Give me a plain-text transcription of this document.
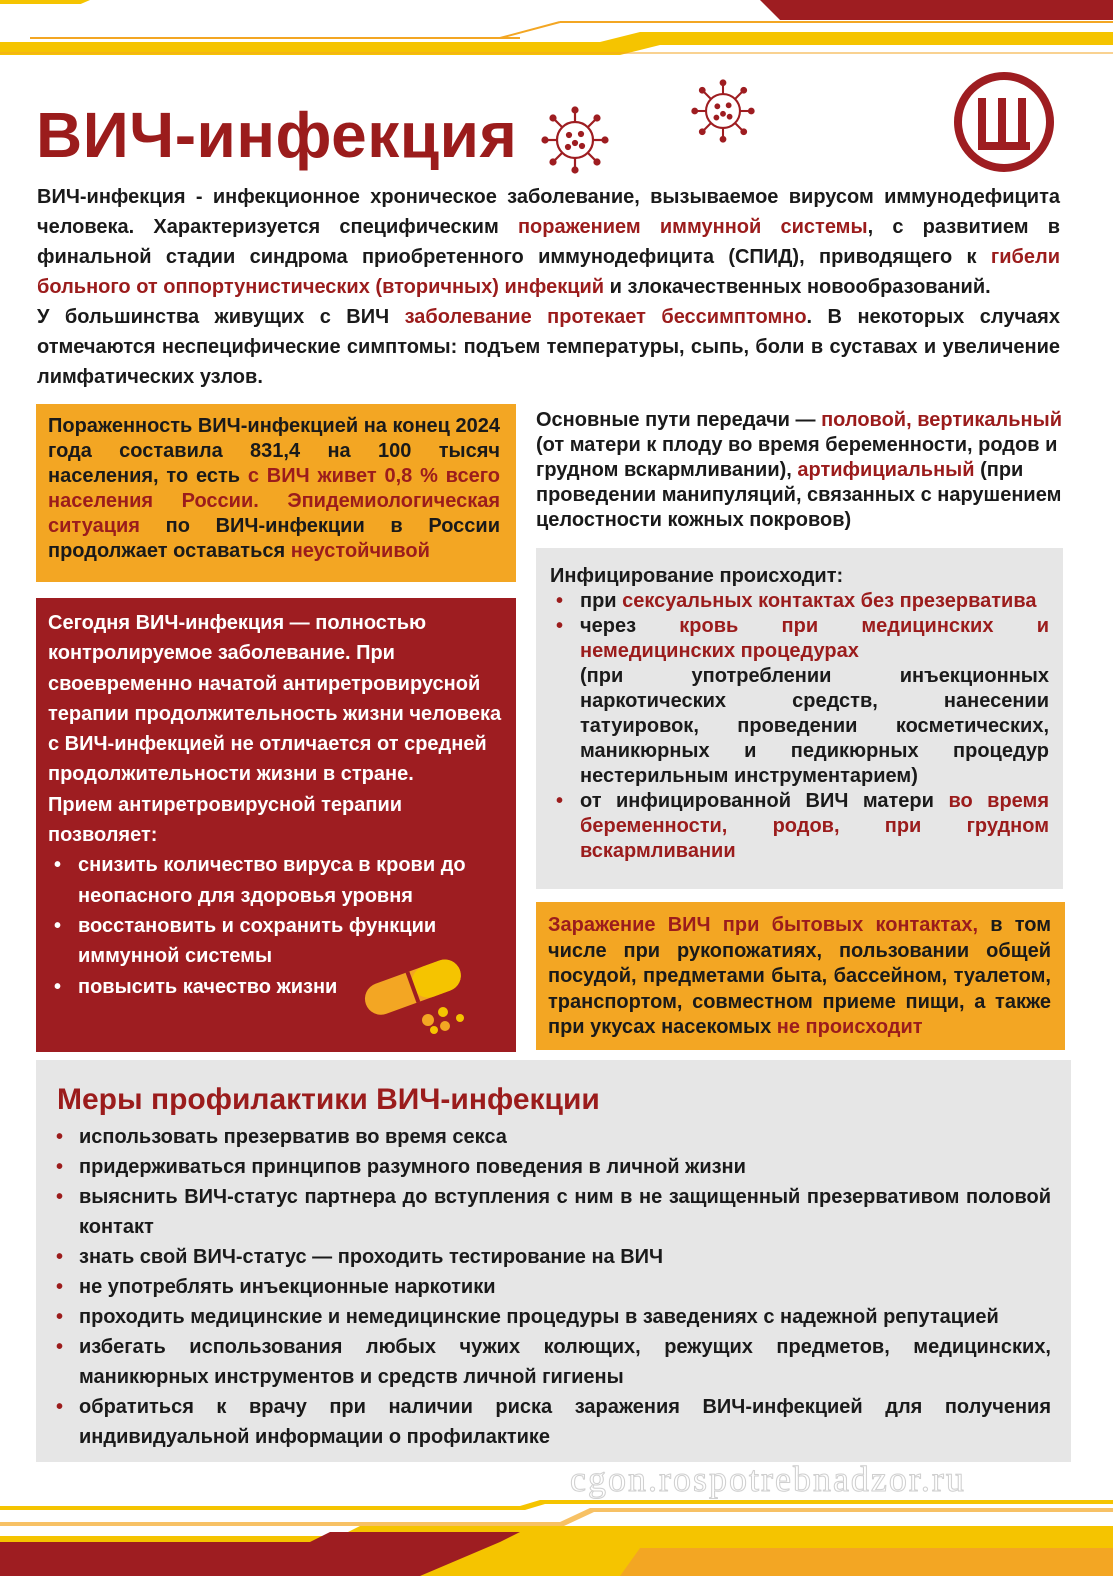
ВИЧ-инфекция
ВИЧ-инфекция - инфекционное хроническое заболевание, вызываемое вирусом иммунодефицита человека. Характеризуется специфическим поражением иммунной системы, с развитием в финальной стадии синдрома приобретенного иммунодефицита (СПИД), приводящего к гибели больного от оппортунистических (вторичных) инфекций и злокачественных новообразований.
У большинства живущих с ВИЧ заболевание протекает бессимптомно. В некоторых случаях отмечаются неспецифические симптомы: подъем температуры, сыпь, боли в суставах и увеличение лимфатических узлов.
Пораженность ВИЧ-инфекцией на конец 2024 года составила 831,4 на 100 тысяч населения, то есть с ВИЧ живет 0,8 % всего населения России. Эпидемиологическая ситуация по ВИЧ-инфекции в России продолжает оставаться неустойчивой
Сегодня ВИЧ-инфекция — полностью контролируемое заболевание. При своевременно начатой антиретровирусной терапии продолжительность жизни человека с ВИЧ-инфекцией не отличается от средней продолжительности жизни в стране.
Прием антиретровирусной терапии позволяет:
• снизить количество вируса в крови до неопасного для здоровья уровня
• восстановить и сохранить функции иммунной системы
• повысить качество жизни
Основные пути передачи — половой, вертикальный (от матери к плоду во время беременности, родов и грудном вскармливании), артифициальный (при проведении манипуляций, связанных с нарушением целостности кожных покровов)
Инфицирование происходит:
• при сексуальных контактах без презерватива
• через кровь при медицинских и немедицинских процедурах
(при употреблении инъекционных наркотических средств, нанесении татуировок, проведении косметических, маникюрных и педикюрных процедур нестерильным инструментарием)
• от инфицированной ВИЧ матери во время беременности, родов, при грудном вскармливании
Заражение ВИЧ при бытовых контактах, в том числе при рукопожатиях, пользовании общей посудой, предметами быта, бассейном, туалетом, транспортом, совместном приеме пищи, а также при укусах насекомых не происходит
Меры профилактики ВИЧ-инфекции
• использовать презерватив во время секса
• придерживаться принципов разумного поведения в личной жизни
• выяснить ВИЧ-статус партнера до вступления с ним в не защищенный презервативом половой контакт
• знать свой ВИЧ-статус — проходить тестирование на ВИЧ
• не употреблять инъекционные наркотики
• проходить медицинские и немедицинские процедуры в заведениях с надежной репутацией
• избегать использования любых чужих колющих, режущих предметов, медицинских, маникюрных инструментов и средств личной гигиены
• обратиться к врачу при наличии риска заражения ВИЧ-инфекцией для получения индивидуальной информации о профилактике
cgon.rospotrebnadzor.ru
